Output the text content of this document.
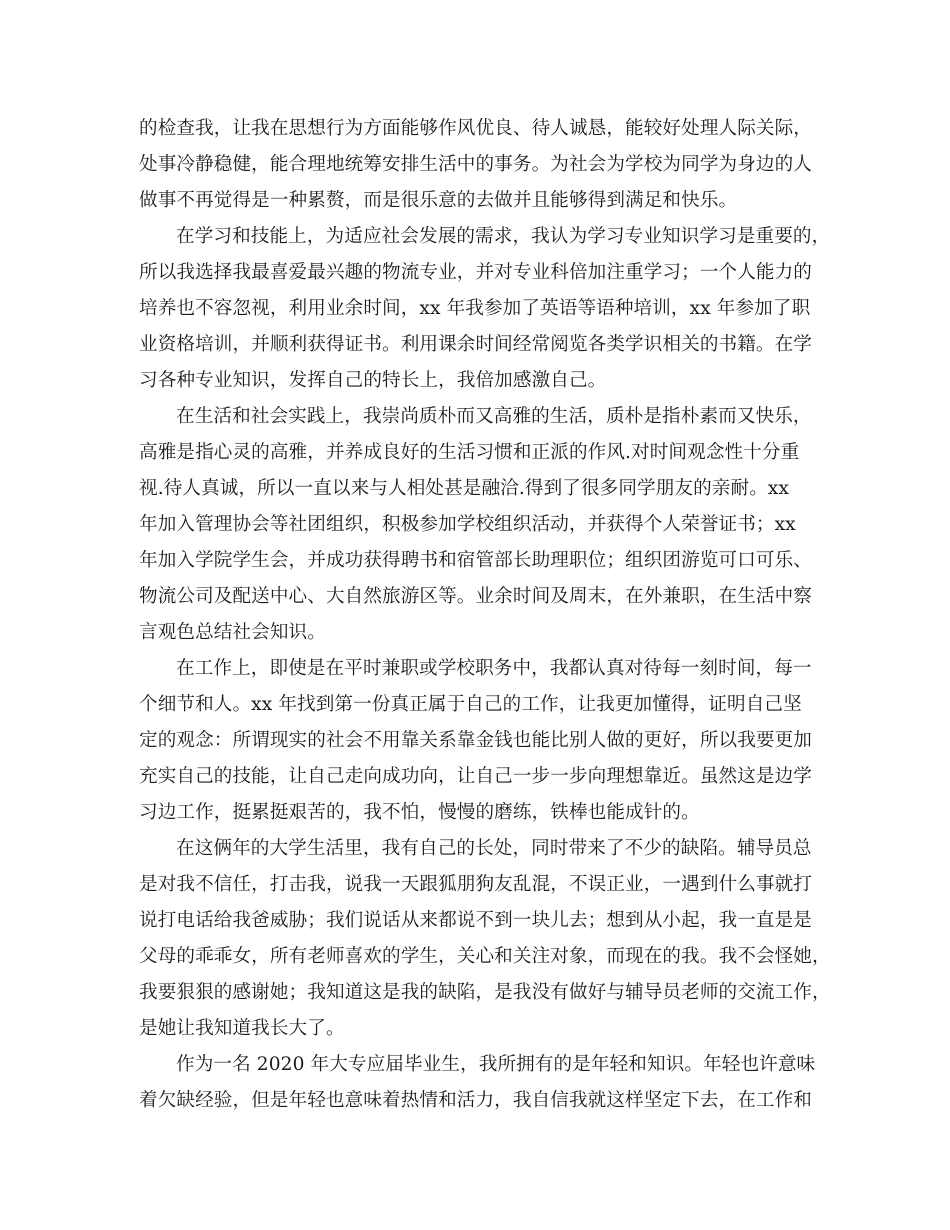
的检查我，让我在思想行为方面能够作风优良、待人诚恳，能较好处理人际关际，
处事冷静稳健，能合理地统筹安排生活中的事务。为社会为学校为同学为身边的人
做事不再觉得是一种累赘，而是很乐意的去做并且能够得到满足和快乐。
在学习和技能上，为适应社会发展的需求，我认为学习专业知识学习是重要的，
所以我选择我最喜爱最兴趣的物流专业，并对专业科倍加注重学习；一个人能力的
培养也不容忽视，利用业余时间，xx 年我参加了英语等语种培训，xx 年参加了职
业资格培训，并顺利获得证书。利用课余时间经常阅览各类学识相关的书籍。在学
习各种专业知识，发挥自己的特长上，我倍加感激自己。
在生活和社会实践上，我崇尚质朴而又高雅的生活，质朴是指朴素而又快乐，
高雅是指心灵的高雅，并养成良好的生活习惯和正派的作风.对时间观念性十分重
视.待人真诚，所以一直以来与人相处甚是融洽.得到了很多同学朋友的亲耐。xx
年加入管理协会等社团组织，积极参加学校组织活动，并获得个人荣誉证书；xx
年加入学院学生会，并成功获得聘书和宿管部长助理职位；组织团游览可口可乐、
物流公司及配送中心、大自然旅游区等。业余时间及周末，在外兼职，在生活中察
言观色总结社会知识。
在工作上，即使是在平时兼职或学校职务中，我都认真对待每一刻时间，每一
个细节和人。xx 年找到第一份真正属于自己的工作，让我更加懂得，证明自己坚
定的观念：所谓现实的社会不用靠关系靠金钱也能比别人做的更好，所以我要更加
充实自己的技能，让自己走向成功向，让自己一步一步向理想靠近。虽然这是边学
习边工作，挺累挺艰苦的，我不怕，慢慢的磨练，铁棒也能成针的。
在这俩年的大学生活里，我有自己的长处，同时带来了不少的缺陷。辅导员总
是对我不信任，打击我，说我一天跟狐朋狗友乱混，不误正业，一遇到什么事就打
说打电话给我爸威胁；我们说话从来都说不到一块儿去；想到从小起，我一直是是
父母的乖乖女，所有老师喜欢的学生，关心和关注对象，而现在的我。我不会怪她，
我要狠狠的感谢她；我知道这是我的缺陷，是我没有做好与辅导员老师的交流工作，
是她让我知道我长大了。
作为一名 2020 年大专应届毕业生，我所拥有的是年轻和知识。年轻也许意味
着欠缺经验，但是年轻也意味着热情和活力，我自信我就这样坚定下去，在工作和
